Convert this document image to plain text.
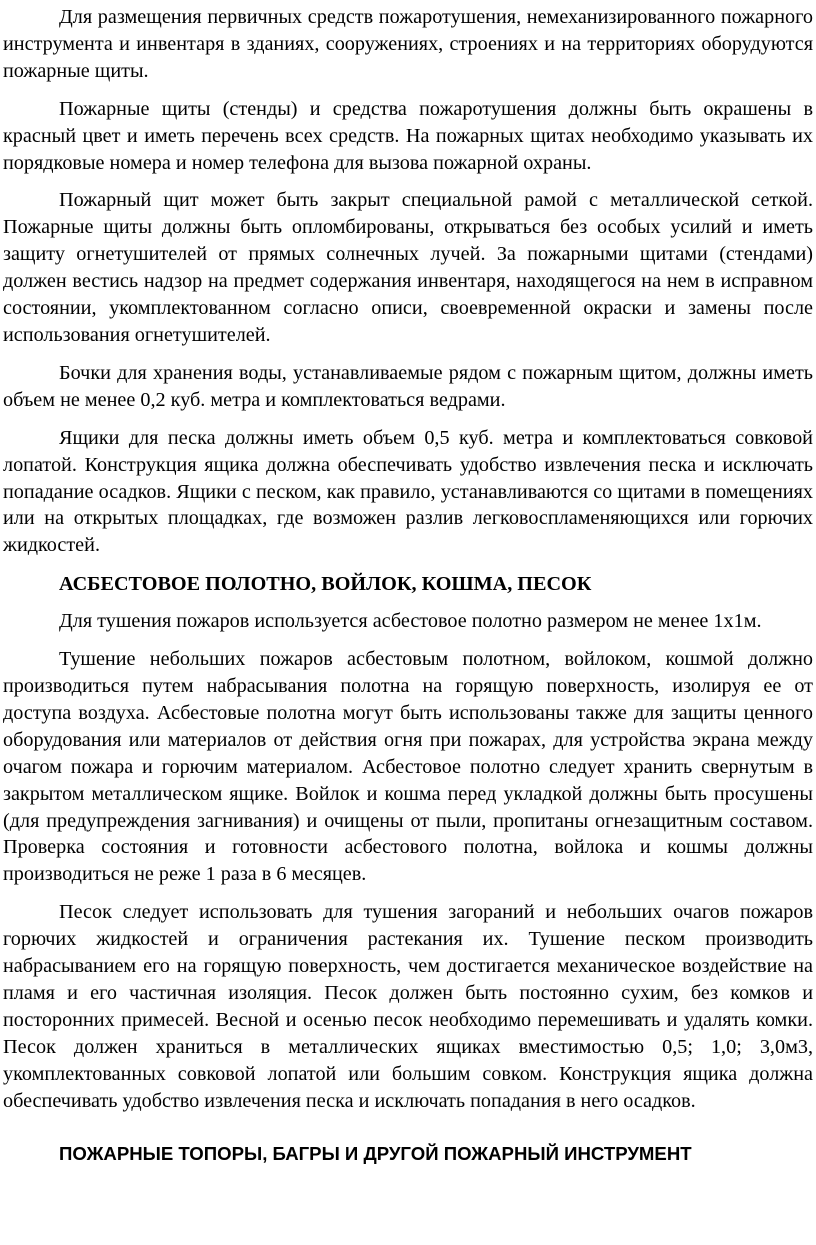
Для размещения первичных средств пожаротушения, немеханизированного пожарного инструмента и инвентаря в зданиях, сооружениях, строениях и на территориях оборудуются пожарные щиты.

Пожарные щиты (стенды) и средства пожаротушения должны быть окрашены в красный цвет и иметь перечень всех средств. На пожарных щитах необходимо указывать их порядковые номера и номер телефона для вызова пожарной охраны.

Пожарный щит может быть закрыт специальной рамой с металлической сеткой. Пожарные щиты должны быть опломбированы, открываться без особых усилий и иметь защиту огнетушителей от прямых солнечных лучей. За пожарными щитами (стендами) должен вестись надзор на предмет содержания инвентаря, находящегося на нем в исправном состоянии, укомплектованном согласно описи, своевременной окраски и замены после использования огнетушителей.

Бочки для хранения воды, устанавливаемые рядом с пожарным щитом, должны иметь объем не менее 0,2 куб. метра и комплектоваться ведрами.

Ящики для песка должны иметь объем 0,5 куб. метра и комплектоваться совковой лопатой. Конструкция ящика должна обеспечивать удобство извлечения песка и исключать попадание осадков. Ящики с песком, как правило, устанавливаются со щитами в помещениях или на открытых площадках, где возможен разлив легковоспламеняющихся или горючих жидкостей.

АСБЕСТОВОЕ ПОЛОТНО, ВОЙЛОК, КОШМА, ПЕСОК

Для тушения пожаров используется асбестовое полотно размером не менее 1х1м.

Тушение небольших пожаров асбестовым полотном, войлоком, кошмой должно производиться путем набрасывания полотна на горящую поверхность, изолируя ее от доступа воздуха. Асбестовые полотна могут быть использованы также для защиты ценного оборудования или материалов от действия огня при пожарах, для устройства экрана между очагом пожара и горючим материалом. Асбестовое полотно следует хранить свернутым в закрытом металлическом ящике. Войлок и кошма перед укладкой должны быть просушены (для предупреждения загнивания) и очищены от пыли, пропитаны огнезащитным составом. Проверка состояния и готовности асбестового полотна, войлока и кошмы должны производиться не реже 1 раза в 6 месяцев.

Песок следует использовать для тушения загораний и небольших очагов пожаров горючих жидкостей и ограничения растекания их. Тушение песком производить набрасыванием его на горящую поверхность, чем достигается механическое воздействие на пламя и его частичная изоляция. Песок должен быть постоянно сухим, без комков и посторонних примесей. Весной и осенью песок необходимо перемешивать и удалять комки. Песок должен храниться в металлических ящиках вместимостью 0,5; 1,0; 3,0м3, укомплектованных совковой лопатой или большим совком. Конструкция ящика должна обеспечивать удобство извлечения песка и исключать попадания в него осадков.

ПОЖАРНЫЕ ТОПОРЫ, БАГРЫ И ДРУГОЙ ПОЖАРНЫЙ ИНСТРУМЕНТ
